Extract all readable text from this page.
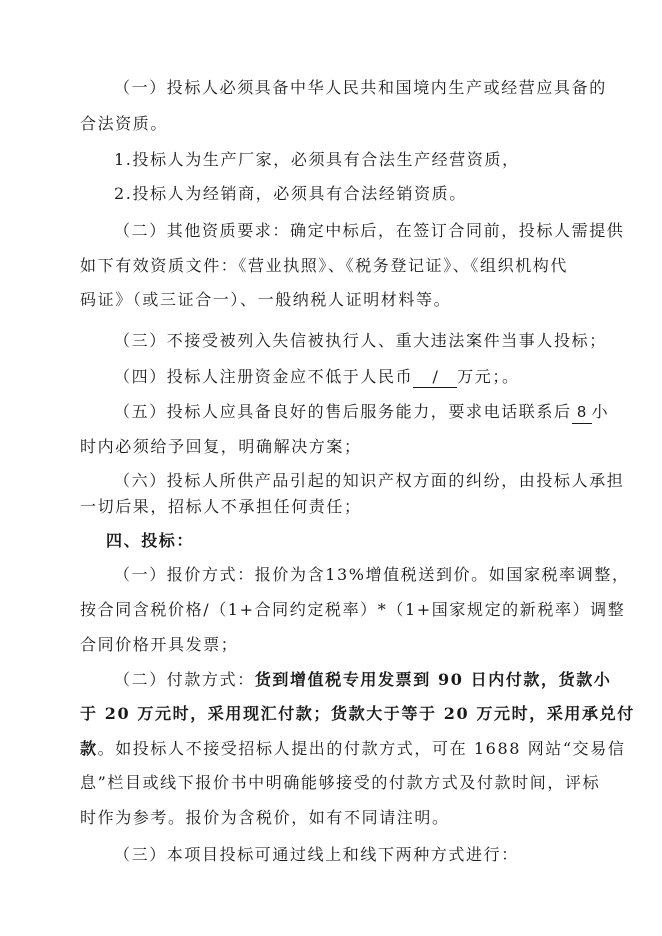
（一）投标人必须具备中华人民共和国境内生产或经营应具备的
合法资质。
1.投标人为生产厂家，必须具有合法生产经营资质，
2.投标人为经销商，必须具有合法经销资质。
（二）其他资质要求：确定中标后，在签订合同前，投标人需提供
如下有效资质文件：《营业执照》、《税务登记证》、《组织机构代
码证》（或三证合一）、一般纳税人证明材料等。
（三）不接受被列入失信被执行人、重大违法案件当事人投标；
（四）投标人注册资金应不低于人民币 / 万元；。
（五）投标人应具备良好的售后服务能力，要求电话联系后 8 小
时内必须给予回复，明确解决方案；
（六）投标人所供产品引起的知识产权方面的纠纷，由投标人承担
一切后果，招标人不承担任何责任；
四、投标：
（一）报价方式：报价为含13%增值税送到价。如国家税率调整，
按合同含税价格/（1+合同约定税率）*（1+国家规定的新税率）调整
合同价格开具发票；
（二）付款方式：货到增值税专用发票到 90 日内付款，货款小
于 20 万元时，采用现汇付款；货款大于等于 20 万元时，采用承兑付
款。如投标人不接受招标人提出的付款方式，可在 1688 网站“交易信
息”栏目或线下报价书中明确能够接受的付款方式及付款时间，评标
时作为参考。报价为含税价，如有不同请注明。
（三）本项目投标可通过线上和线下两种方式进行：
